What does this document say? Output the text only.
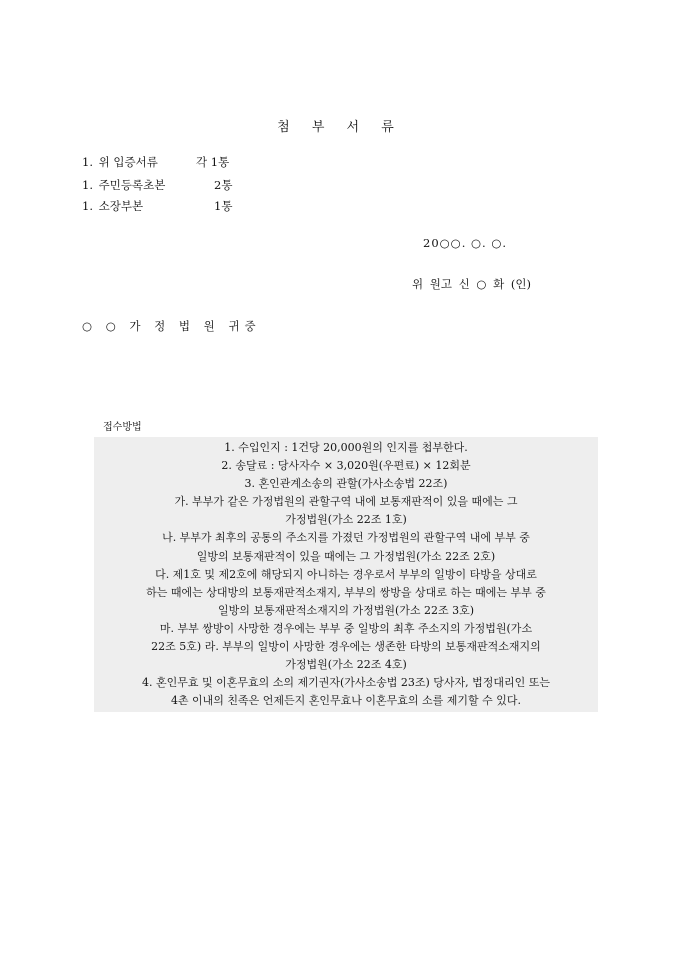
첨 부 서 류
1. 위 입증서류	각 1통
1. 주민등록초본	2통
1. 소장부본	1통
20○○. ○. ○.
위 원고 신 ○ 화 (인)
○ ○ 가 정 법 원 귀중
접수방법

1. 수입인지 : 1건당 20,000원의 인지를 첩부한다.

2. 송달료 : 당사자수 × 3,020원(우편료) × 12회분

3. 혼인관계소송의 관할(가사소송법 22조)

가. 부부가 같은 가정법원의 관할구역 내에 보통재판적이 있을 때에는 그

가정법원(가소 22조 1호)

나. 부부가 최후의 공통의 주소지를 가졌던 가정법원의 관할구역 내에 부부 중

일방의 보통재판적이 있을 때에는 그 가정법원(가소 22조 2호)

다. 제1호 및 제2호에 해당되지 아니하는 경우로서 부부의 일방이 타방을 상대로

하는 때에는 상대방의 보통재판적소재지, 부부의 쌍방을 상대로 하는 때에는 부부 중

일방의 보통재판적소재지의 가정법원(가소 22조 3호)

마. 부부 쌍방이 사망한 경우에는 부부 중 일방의 최후 주소지의 가정법원(가소

22조 5호) 라. 부부의 일방이 사망한 경우에는 생존한 타방의 보통재판적소재지의

가정법원(가소 22조 4호)

4. 혼인무효 및 이혼무효의 소의 제기권자(가사소송법 23조) 당사자, 법정대리인 또는

4촌 이내의 친족은 언제든지 혼인무효나 이혼무효의 소를 제기할 수 있다.
